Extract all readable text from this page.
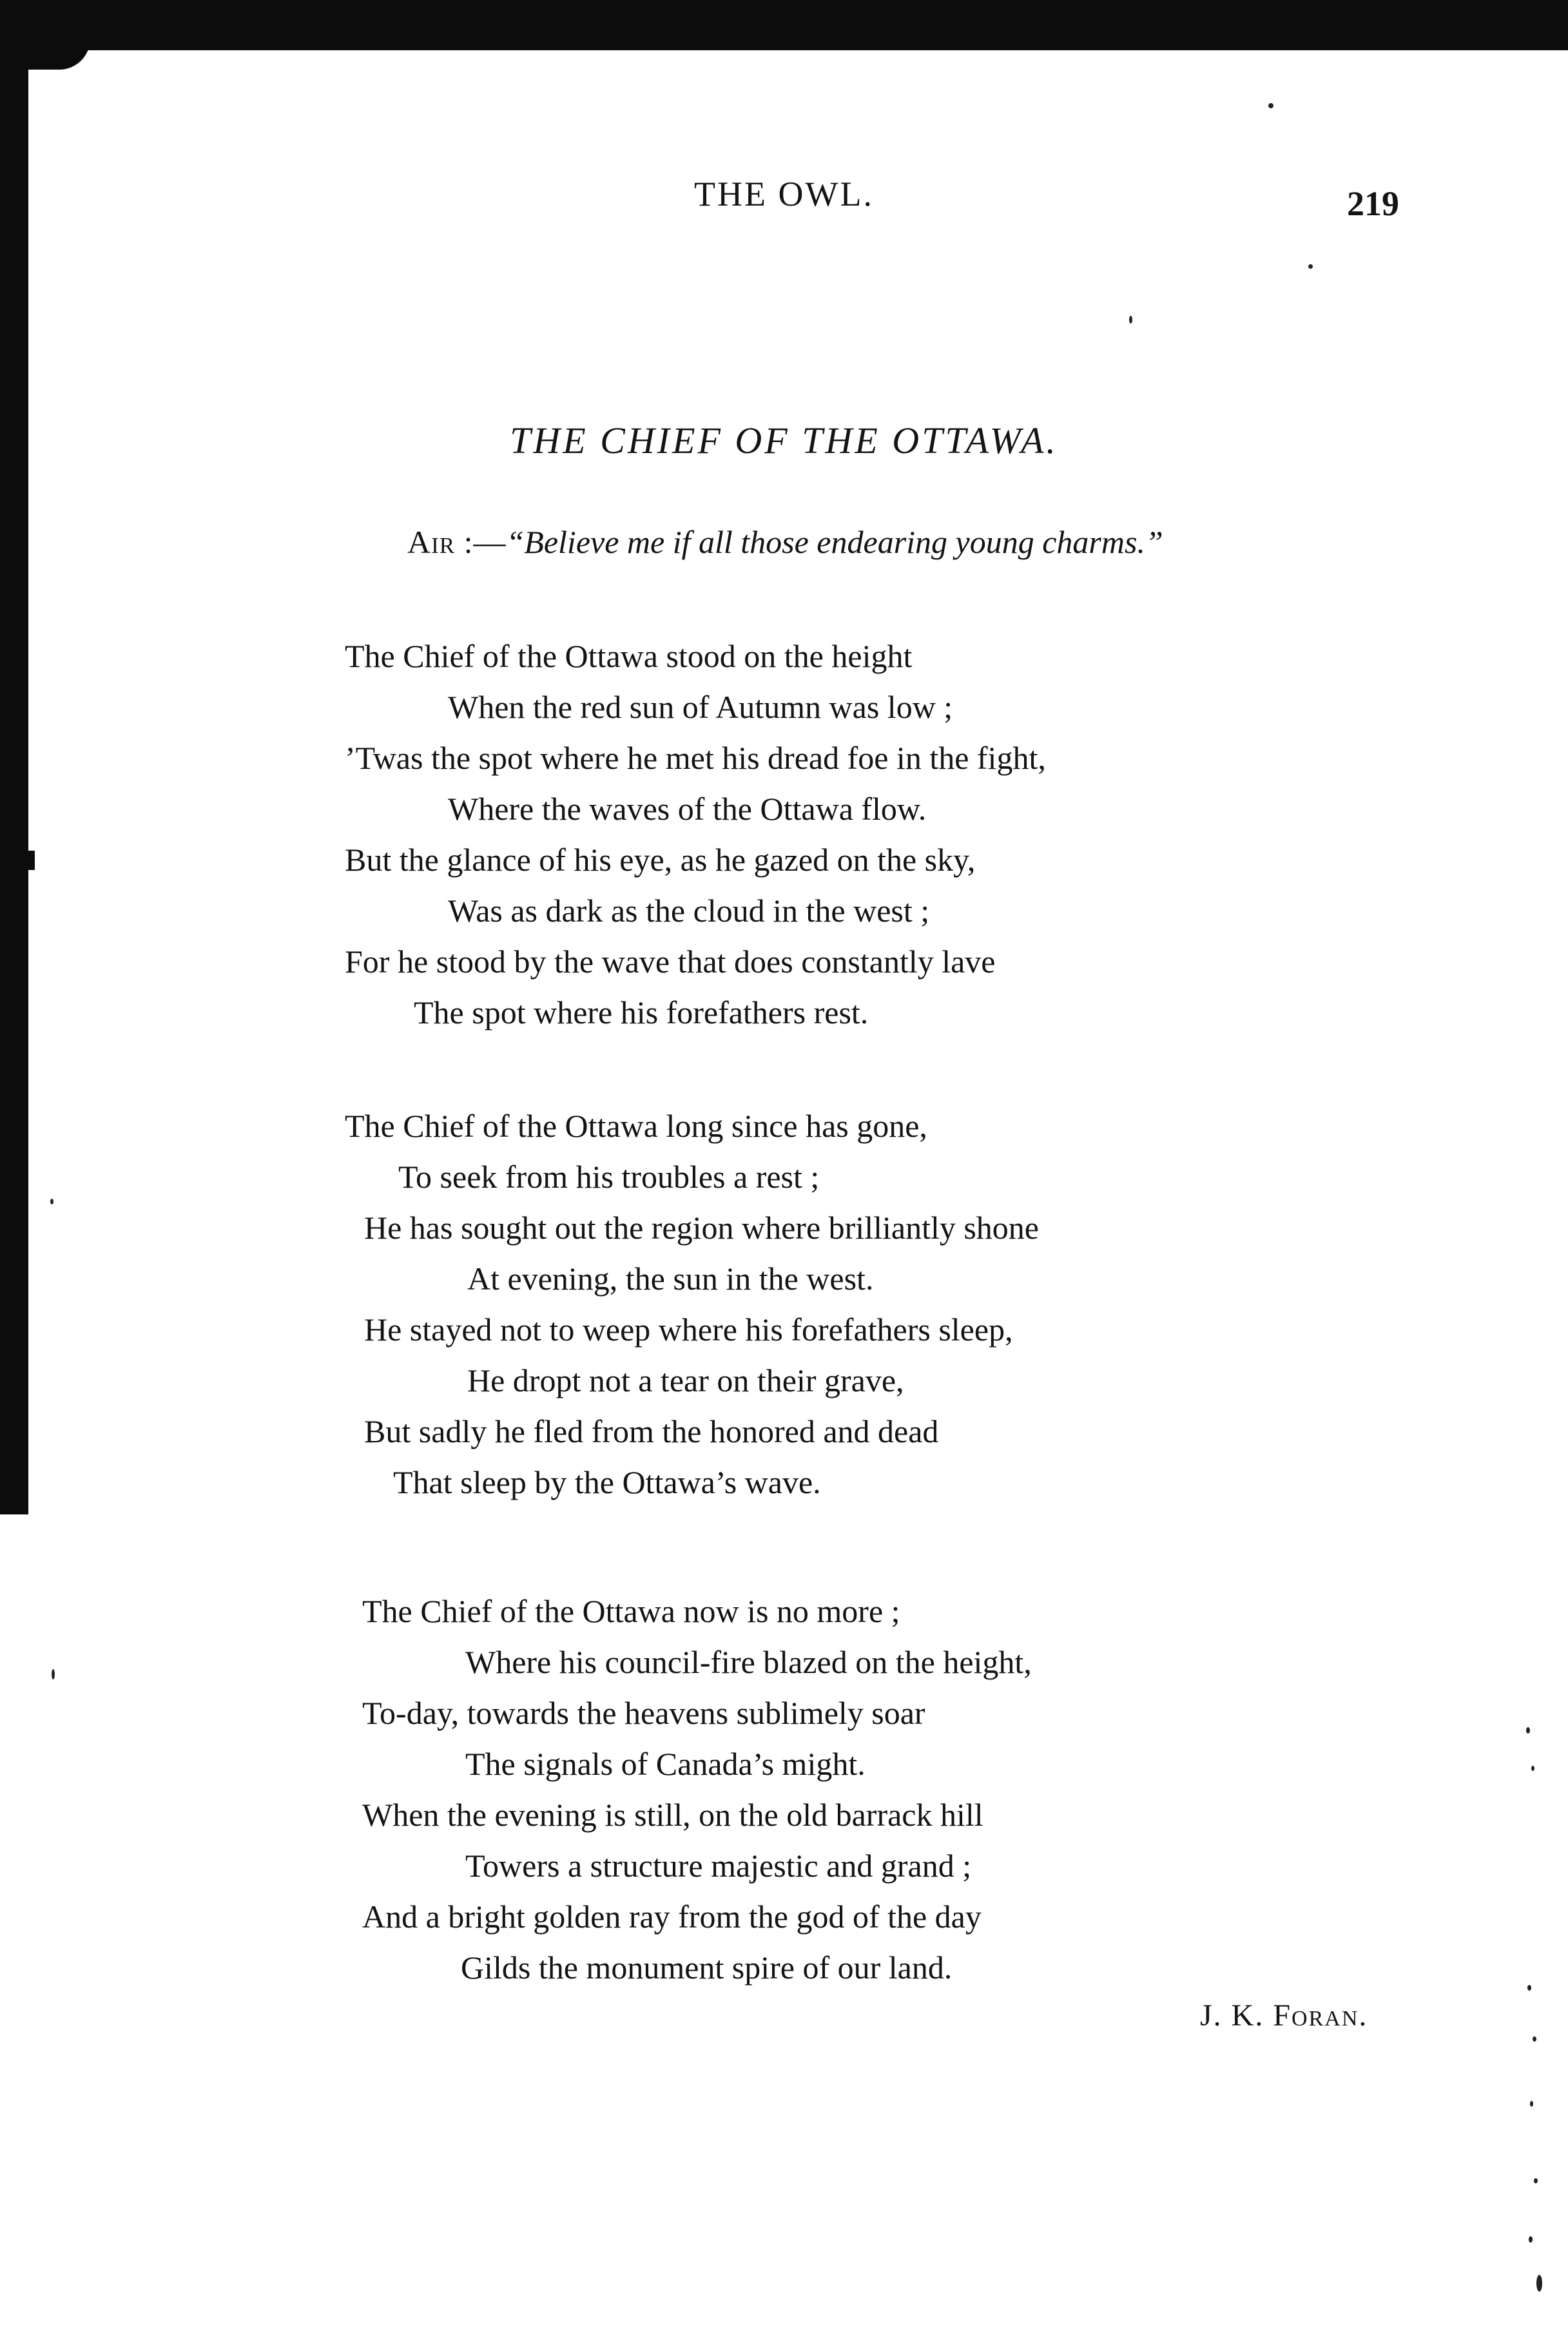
THE OWL.	219
THE CHIEF OF THE OTTAWA.
Air :—“Believe me if all those endearing young charms.”
The Chief of the Ottawa stood on the height
When the red sun of Autumn was low ;
’Twas the spot where he met his dread foe in the fight,
Where the waves of the Ottawa flow.
But the glance of his eye, as he gazed on the sky,
Was as dark as the cloud in the west ;
For he stood by the wave that does constantly lave
The spot where his forefathers rest.
The Chief of the Ottawa long since has gone,
To seek from his troubles a rest ;
He has sought out the region where brilliantly shone
At evening, the sun in the west.
He stayed not to weep where his forefathers sleep,
He dropt not a tear on their grave,
But sadly he fled from the honored and dead
That sleep by the Ottawa’s wave.
The Chief of the Ottawa now is no more ;
Where his council-fire blazed on the height,
To-day, towards the heavens sublimely soar
The signals of Canada’s might.
When the evening is still, on the old barrack hill
Towers a structure majestic and grand ;
And a bright golden ray from the god of the day
Gilds the monument spire of our land.
J. K. Foran.
